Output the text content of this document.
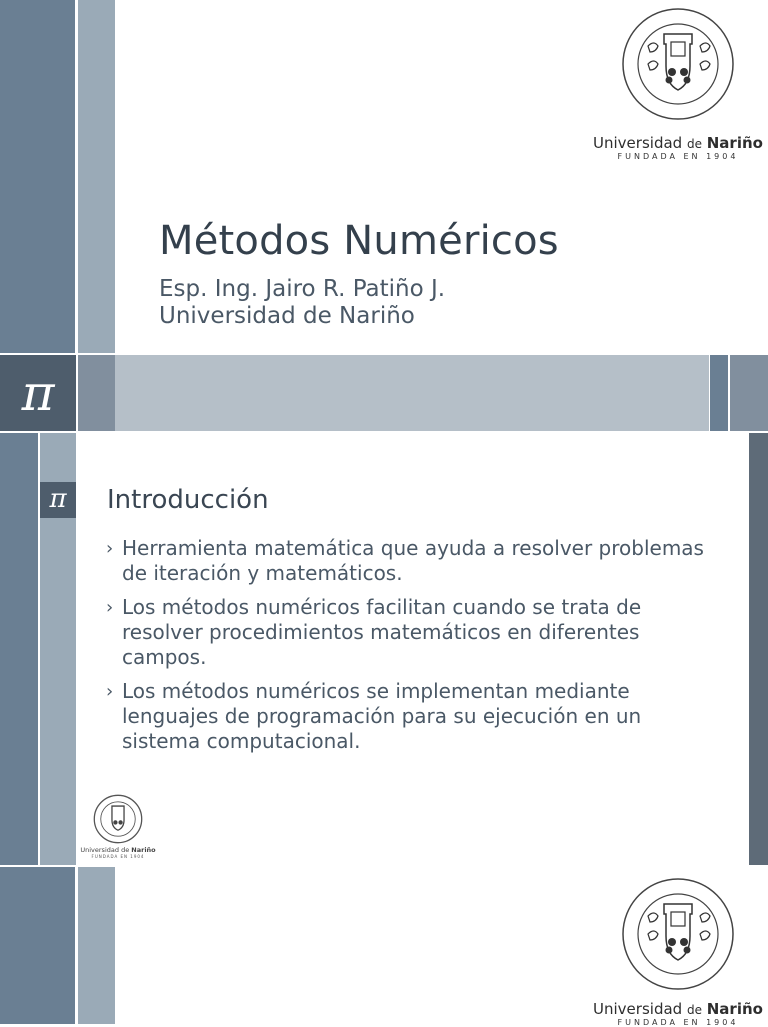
Universidad de Nariño
FUNDADA EN 1904
Métodos Numéricos
Esp. Ing. Jairo R. Patiño J.
Universidad de Nariño
π
π	Introducción
› Herramienta matemática que ayuda a resolver problemas de iteración y matemáticos.
› Los métodos numéricos facilitan cuando se trata de resolver procedimientos matemáticos en diferentes campos.
› Los métodos numéricos se implementan mediante lenguajes de programación para su ejecución en un sistema computacional.
Universidad de Nariño
FUNDADA EN 1904
Universidad de Nariño
FUNDADA EN 1904
